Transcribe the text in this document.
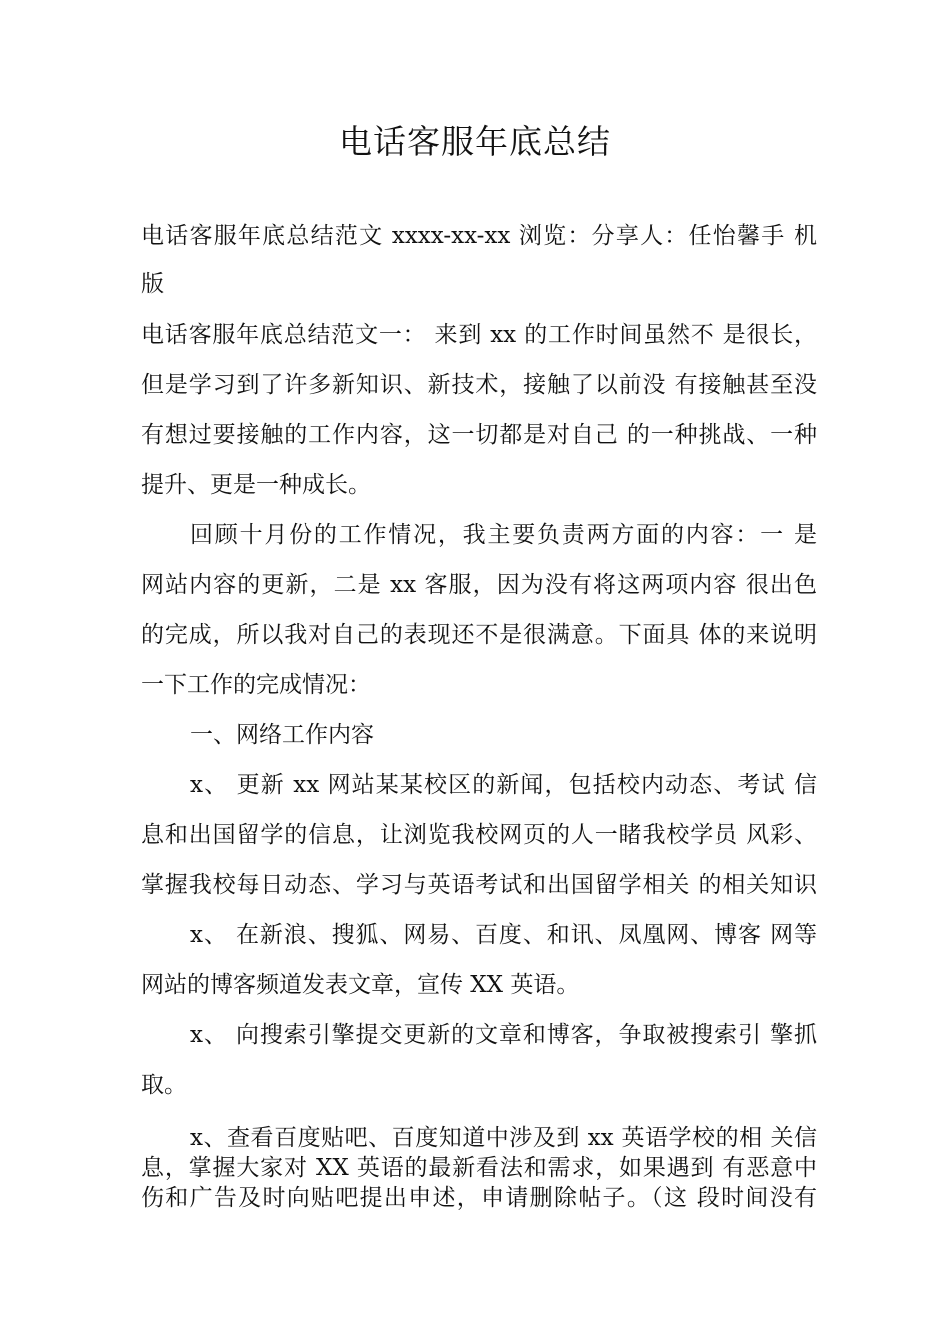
电话客服年底总结
电话客服年底总结范文 xxxx-xx-xx 浏览：分享人：任怡馨手 机
版
电话客服年底总结范文一： 来到 xx 的工作时间虽然不 是很长，
但是学习到了许多新知识、新技术，接触了以前没 有接触甚至没
有想过要接触的工作内容，这一切都是对自己 的一种挑战、一种
提升、更是一种成长。
回顾十月份的工作情况，我主要负责两方面的内容：一 是
网站内容的更新，二是 xx 客服，因为没有将这两项内容 很出色
的完成，所以我对自己的表现还不是很满意。下面具 体的来说明
一下工作的完成情况：
一、网络工作内容
x、 更新 xx 网站某某校区的新闻，包括校内动态、考试 信
息和出国留学的信息，让浏览我校网页的人一睹我校学员 风彩、
掌握我校每日动态、学习与英语考试和出国留学相关 的相关知识
x、 在新浪、搜狐、网易、百度、和讯、凤凰网、博客 网等
网站的博客频道发表文章，宣传 XX 英语。
x、 向搜索引擎提交更新的文章和博客，争取被搜索引 擎抓
取。
x、查看百度贴吧、百度知道中涉及到 xx 英语学校的相 关信
息，掌握大家对 XX 英语的最新看法和需求，如果遇到 有恶意中
伤和广告及时向贴吧提出申述，申请删除帖子。（这 段时间没有
